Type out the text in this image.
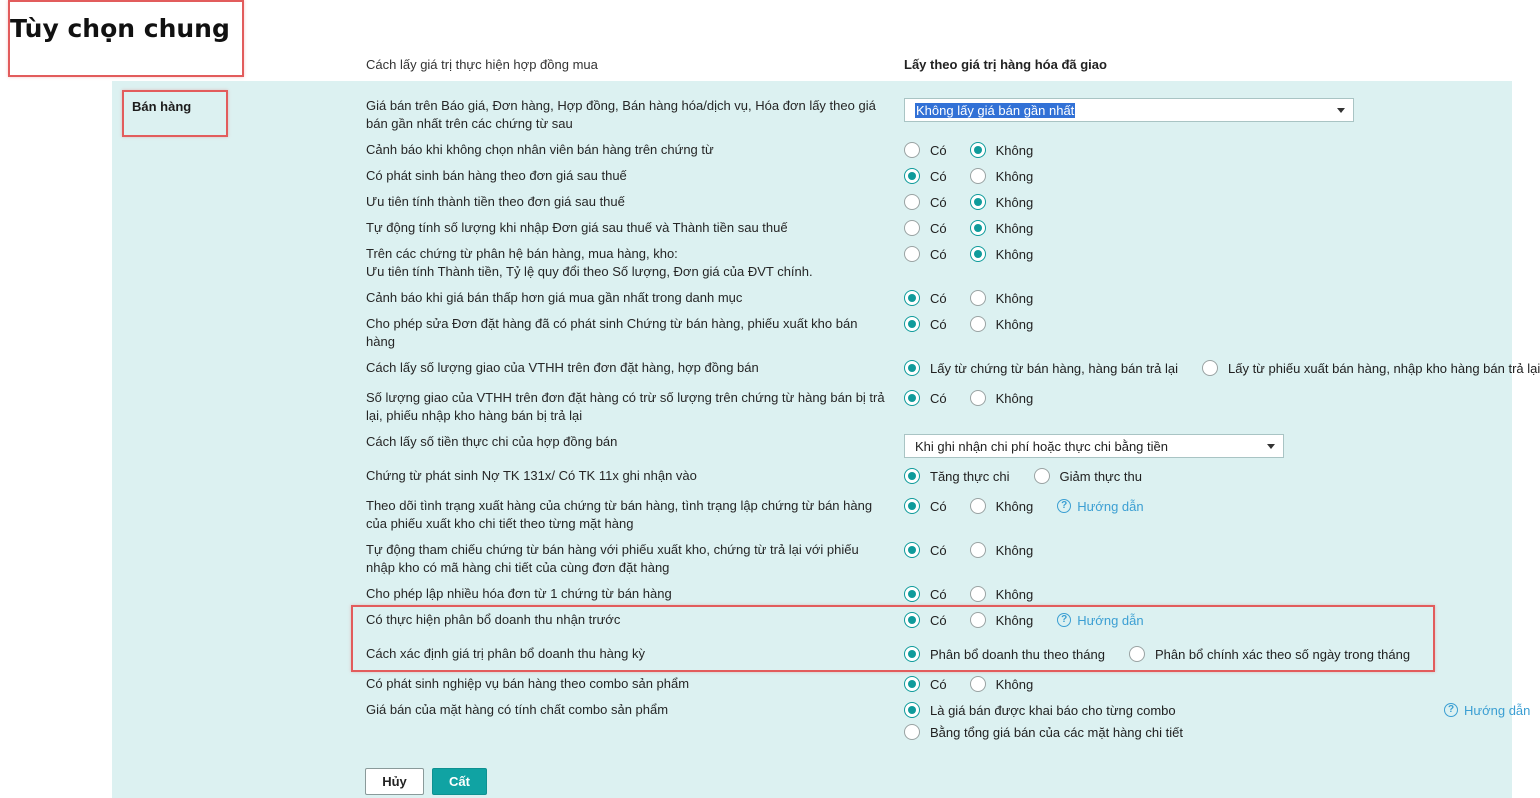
Tùy chọn chung
Cách lấy giá trị thực hiện hợp đồng mua	Lấy theo giá trị hàng hóa đã giao
Bán hàng	Giá bán trên Báo giá, Đơn hàng, Hợp đồng, Bán hàng hóa/dịch vụ, Hóa đơn lấy theo giá bán gần nhất trên các chứng từ sau
Không lấy giá bán gần nhất
Cảnh báo khi không chọn nhân viên bán hàng trên chứng từ	Có	Không
Có phát sinh bán hàng theo đơn giá sau thuế	Có	Không
Ưu tiên tính thành tiền theo đơn giá sau thuế	Có	Không
Tự động tính số lượng khi nhập Đơn giá sau thuế và Thành tiền sau thuế	Có	Không
Trên các chứng từ phân hệ bán hàng, mua hàng, kho:
Ưu tiên tính Thành tiền, Tỷ lệ quy đổi theo Số lượng, Đơn giá của ĐVT chính.
Có	Không
Cảnh báo khi giá bán thấp hơn giá mua gần nhất trong danh mục	Có	Không
Cho phép sửa Đơn đặt hàng đã có phát sinh Chứng từ bán hàng, phiếu xuất kho bán hàng
Có	Không
Cách lấy số lượng giao của VTHH trên đơn đặt hàng, hợp đồng bán	Lấy từ chứng từ bán hàng, hàng bán trả lại	Lấy từ phiếu xuất bán hàng, nhập kho hàng bán trả lại
Số lượng giao của VTHH trên đơn đặt hàng có trừ số lượng trên chứng từ hàng bán bị trả lại, phiếu nhập kho hàng bán bị trả lại
Có	Không
Cách lấy số tiền thực chi của hợp đồng bán	Khi ghi nhận chi phí hoặc thực chi bằng tiền
Chứng từ phát sinh Nợ TK 131x/ Có TK 11x ghi nhận vào	Tăng thực chi	Giảm thực thu
Theo dõi tình trạng xuất hàng của chứng từ bán hàng, tình trạng lập chứng từ bán hàng của phiếu xuất kho chi tiết theo từng mặt hàng
Có	Không	? Hướng dẫn
Tự động tham chiếu chứng từ bán hàng với phiếu xuất kho, chứng từ trả lại với phiếu nhập kho có mã hàng chi tiết của cùng đơn đặt hàng
Có	Không
Cho phép lập nhiều hóa đơn từ 1 chứng từ bán hàng	Có	Không
Có thực hiện phân bổ doanh thu nhận trước	Có	Không	? Hướng dẫn
Cách xác định giá trị phân bổ doanh thu hàng kỳ	Phân bổ doanh thu theo tháng	Phân bổ chính xác theo số ngày trong tháng
Có phát sinh nghiệp vụ bán hàng theo combo sản phẩm	Có	Không
Giá bán của mặt hàng có tính chất combo sản phẩm	Là giá bán được khai báo cho từng combo
Bằng tổng giá bán của các mặt hàng chi tiết
? Hướng dẫn
Hủy	Cất
